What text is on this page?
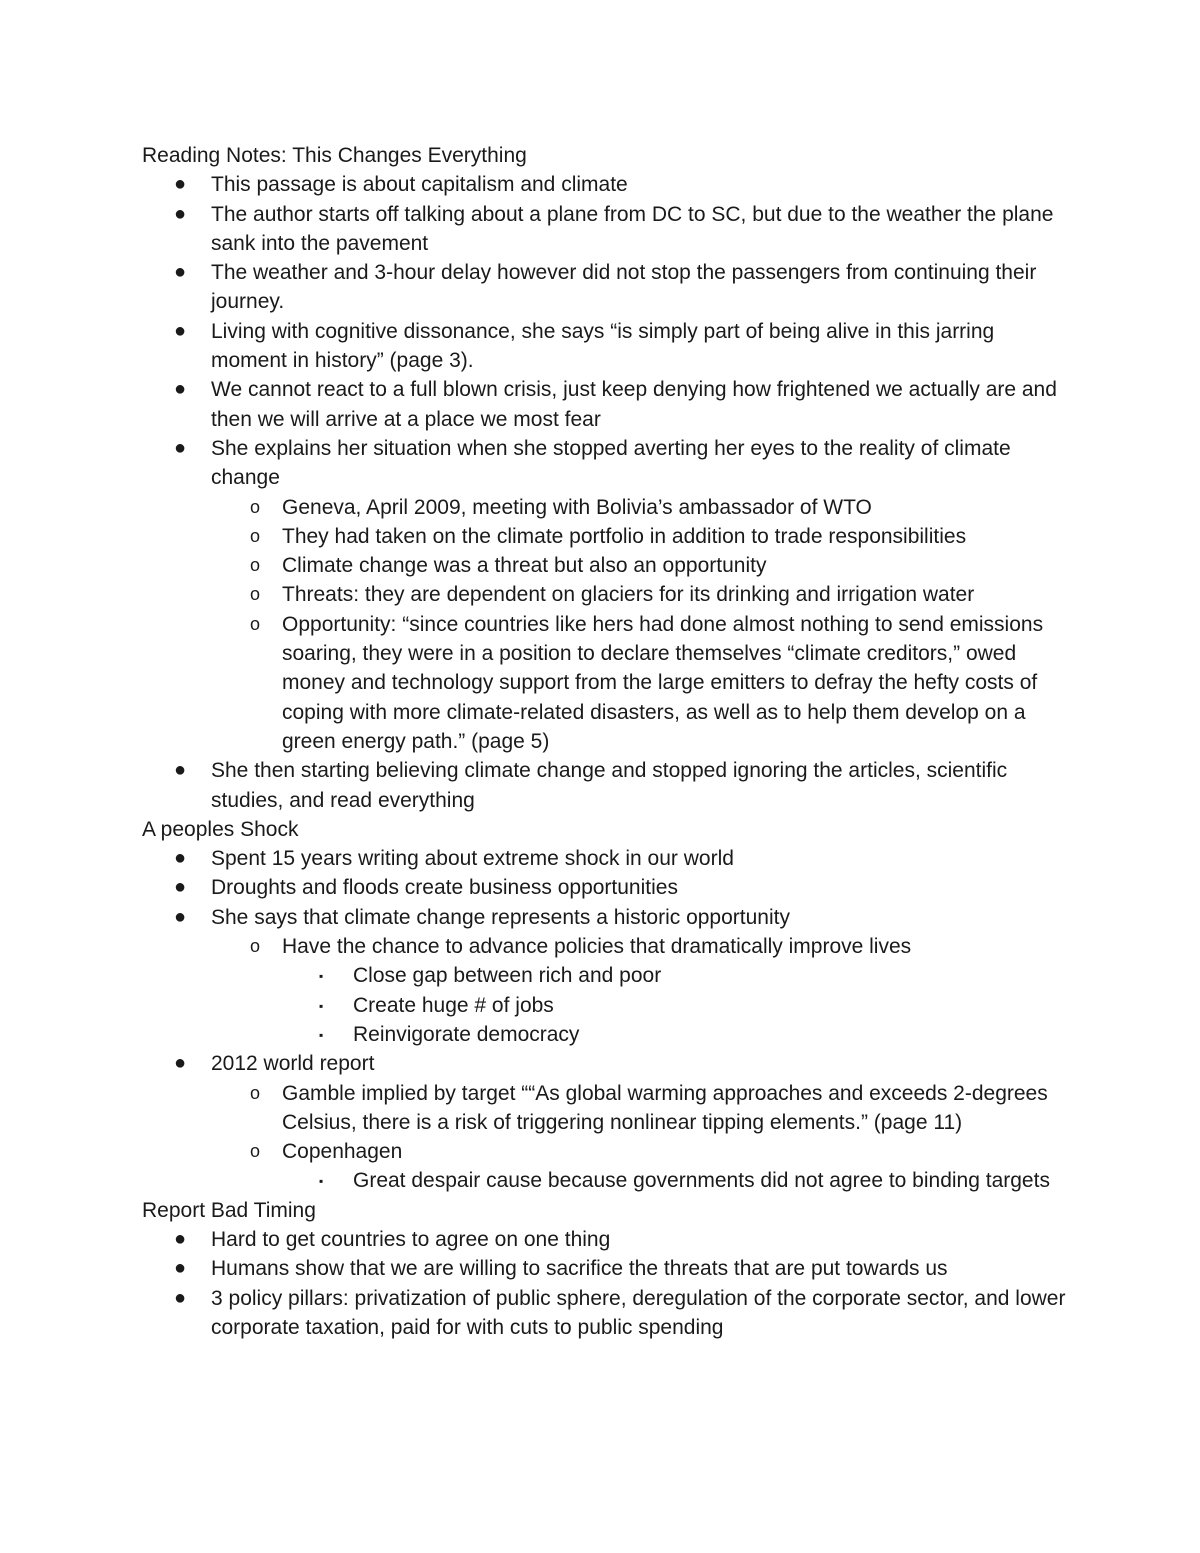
Reading Notes: This Changes Everything
● This passage is about capitalism and climate
● The author starts off talking about a plane from DC to SC, but due to the weather the plane sank into the pavement
● The weather and 3-hour delay however did not stop the passengers from continuing their journey.
● Living with cognitive dissonance, she says “is simply part of being alive in this jarring moment in history” (page 3).
● We cannot react to a full blown crisis, just keep denying how frightened we actually are and then we will arrive at a place we most fear
● She explains her situation when she stopped averting her eyes to the reality of climate change
o Geneva, April 2009, meeting with Bolivia’s ambassador of WTO
o They had taken on the climate portfolio in addition to trade responsibilities
o Climate change was a threat but also an opportunity
o Threats: they are dependent on glaciers for its drinking and irrigation water
o Opportunity: “since countries like hers had done almost nothing to send emissions soaring, they were in a position to declare themselves “climate creditors,” owed money and technology support from the large emitters to defray the hefty costs of coping with more climate-related disasters, as well as to help them develop on a green energy path.” (page 5)
● She then starting believing climate change and stopped ignoring the articles, scientific studies, and read everything
A peoples Shock
● Spent 15 years writing about extreme shock in our world
● Droughts and floods create business opportunities
● She says that climate change represents a historic opportunity
o Have the chance to advance policies that dramatically improve lives
▪ Close gap between rich and poor
▪ Create huge # of jobs
▪ Reinvigorate democracy
● 2012 world report
o Gamble implied by target ““As global warming approaches and exceeds 2-degrees Celsius, there is a risk of triggering nonlinear tipping elements.” (page 11)
o Copenhagen
▪ Great despair cause because governments did not agree to binding targets
Report Bad Timing
● Hard to get countries to agree on one thing
● Humans show that we are willing to sacrifice the threats that are put towards us
● 3 policy pillars: privatization of public sphere, deregulation of the corporate sector, and lower corporate taxation, paid for with cuts to public spending
